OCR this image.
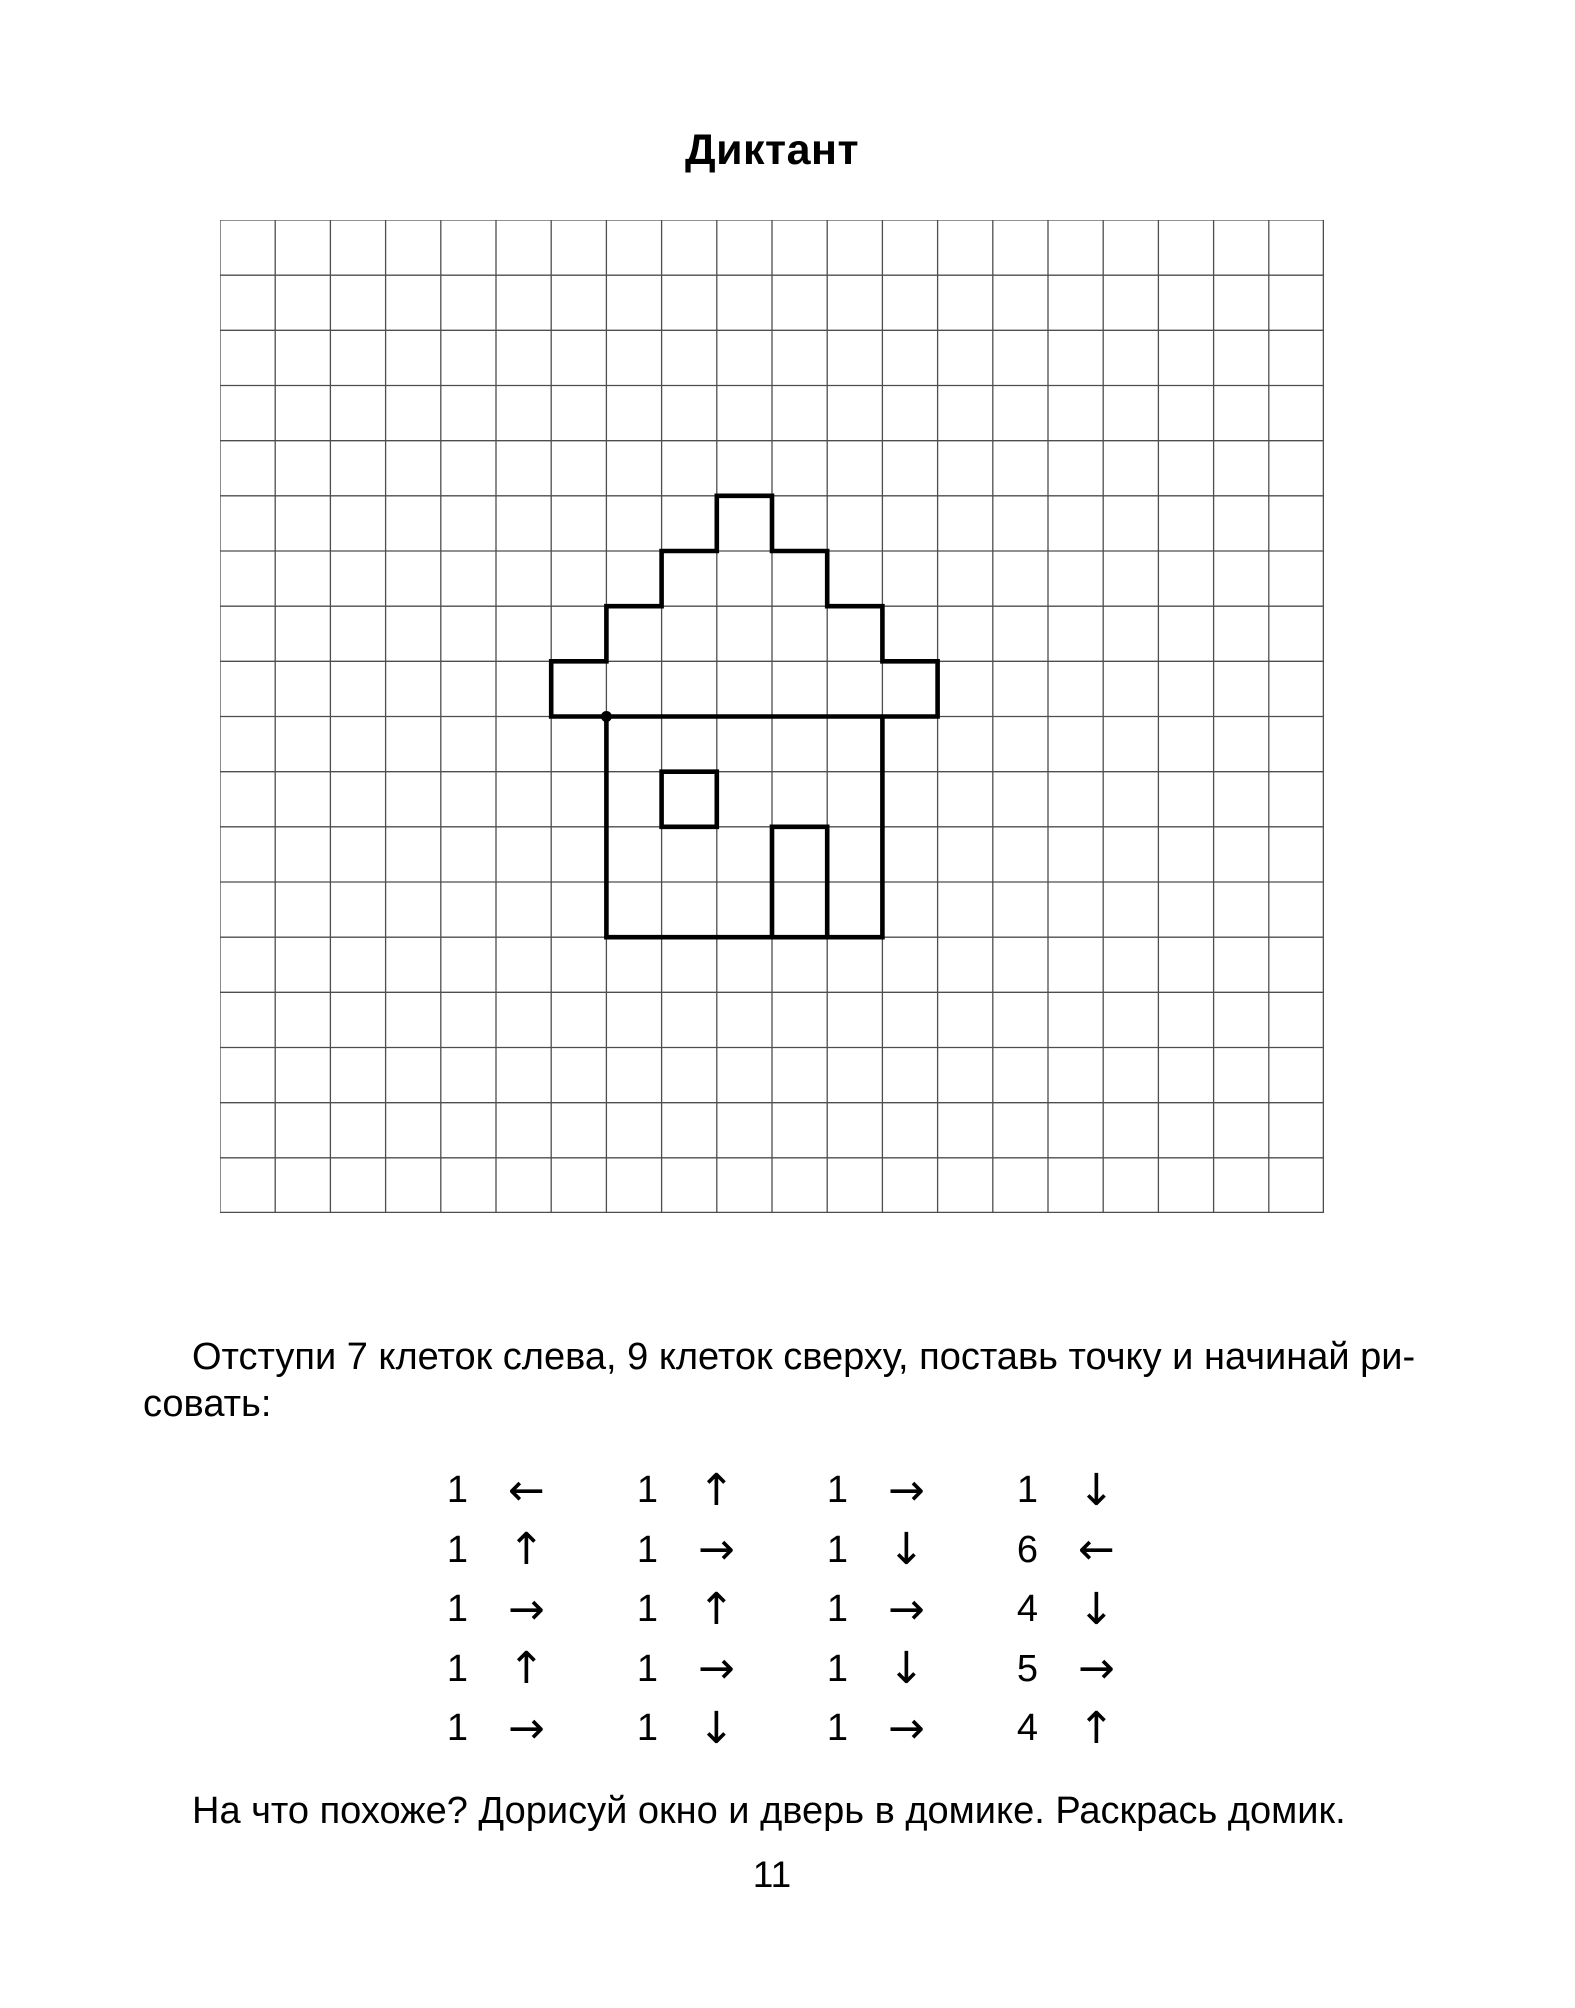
Диктант
Отступи 7 клеток слева, 9 клеток сверху, поставь точку и начинай ри-
совать:
1 ←	1 ↑	1 →	1 ↓
1 ↑	1 →	1 ↓	6 ←
1 →	1 ↑	1 →	4 ↓
1 ↑	1 →	1 ↓	5 →
1 →	1 ↓	1 →	4 ↑
На что похоже? Дорисуй окно и дверь в домике. Раскрась домик.
11
